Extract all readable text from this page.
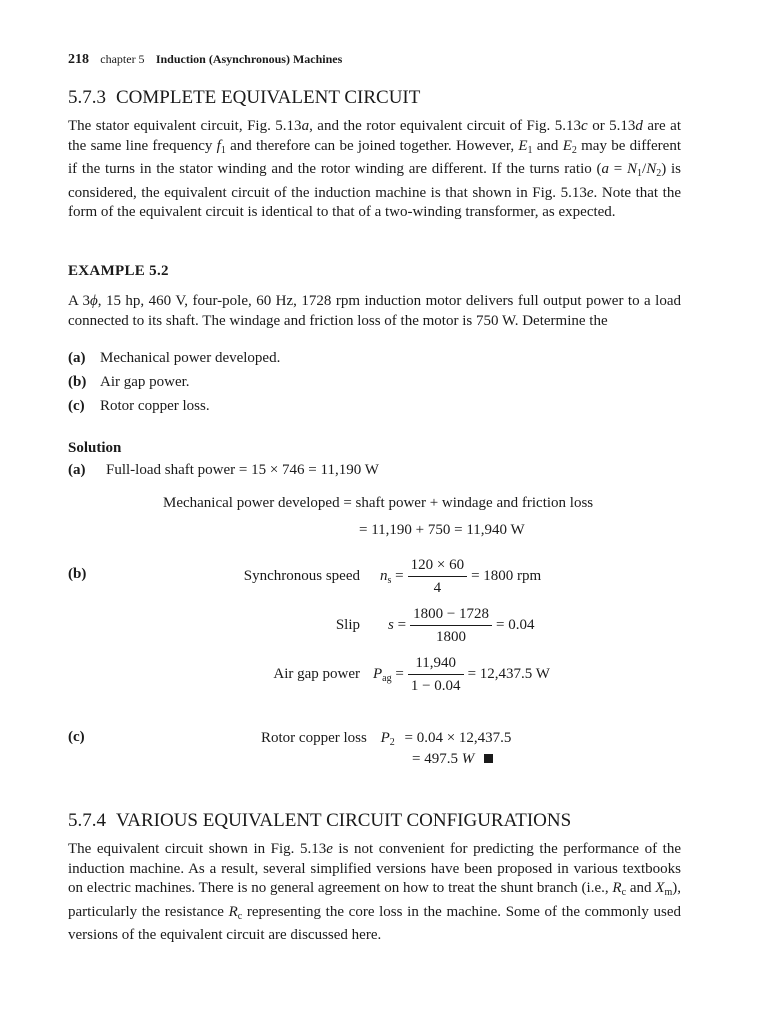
218 chapter 5 Induction (Asynchronous) Machines
5.7.3 COMPLETE EQUIVALENT CIRCUIT
The stator equivalent circuit, Fig. 5.13a, and the rotor equivalent circuit of Fig. 5.13c or 5.13d are at the same line frequency $f_1$ and therefore can be joined together. However, $E_1$ and $E_2$ may be different if the turns in the stator winding and the rotor winding are different. If the turns ratio $(a = N_1/N_2)$ is considered, the equivalent circuit of the induction machine is that shown in Fig. 5.13e. Note that the form of the equivalent circuit is identical to that of a two-winding transformer, as expected.
EXAMPLE 5.2
A 3ϕ, 15 hp, 460 V, four-pole, 60 Hz, 1728 rpm induction motor delivers full output power to a load connected to its shaft. The windage and friction loss of the motor is 750 W. Determine the
(a) Mechanical power developed.
(b) Air gap power.
(c) Rotor copper loss.
Solution
(a) Full-load shaft power = 15 × 746 = 11,190 W
Mechanical power developed = shaft power + windage and friction loss
= 11,190 + 750 = 11,940 W
(b)	Synchronous speed $n_s = \frac{120 \times 60}{4} = 1800$ rpm
Slip $s = \frac{1800 - 1728}{1800} = 0.04$
Air gap power $P_{ag} = \frac{11,940}{1 - 0.04} = 12,437.5$ W
(c)	Rotor copper loss $P_2 = 0.04 \times 12,437.5$
= 497.5 W
5.7.4 VARIOUS EQUIVALENT CIRCUIT CONFIGURATIONS
The equivalent circuit shown in Fig. 5.13e is not convenient for predicting the performance of the induction machine. As a result, several simplified versions have been proposed in various textbooks on electric machines. There is no general agreement on how to treat the shunt branch (i.e., $R_c$ and $X_m$), particularly the resistance $R_c$ representing the core loss in the machine. Some of the commonly used versions of the equivalent circuit are discussed here.
